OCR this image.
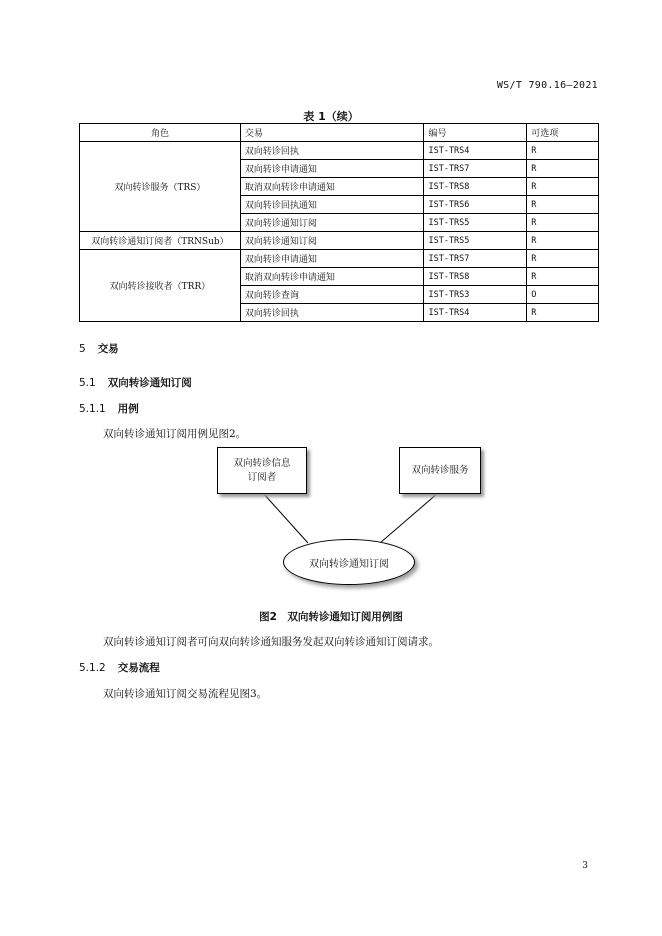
WS/T 790.16—2021
表 1（续）
角色	交易	编号	可选项
双向转诊服务（TRS）	双向转诊回执	IST-TRS4	R
	双向转诊申请通知	IST-TRS7	R
	取消双向转诊申请通知	IST-TRS8	R
	双向转诊回执通知	IST-TRS6	R
	双向转诊通知订阅	IST-TRS5	R
双向转诊通知订阅者（TRNSub）	双向转诊通知订阅	IST-TRS5	R
双向转诊接收者（TRR）	双向转诊申请通知	IST-TRS7	R
	取消双向转诊申请通知	IST-TRS8	R
	双向转诊查询	IST-TRS3	O
	双向转诊回执	IST-TRS4	R
5 交易
5.1 双向转诊通知订阅
5.1.1 用例
双向转诊通知订阅用例见图2。
双向转诊信息
订阅者
双向转诊服务
双向转诊通知订阅
图2　双向转诊通知订阅用例图
双向转诊通知订阅者可向双向转诊通知服务发起双向转诊通知订阅请求。
5.1.2 交易流程
双向转诊通知订阅交易流程见图3。
3
